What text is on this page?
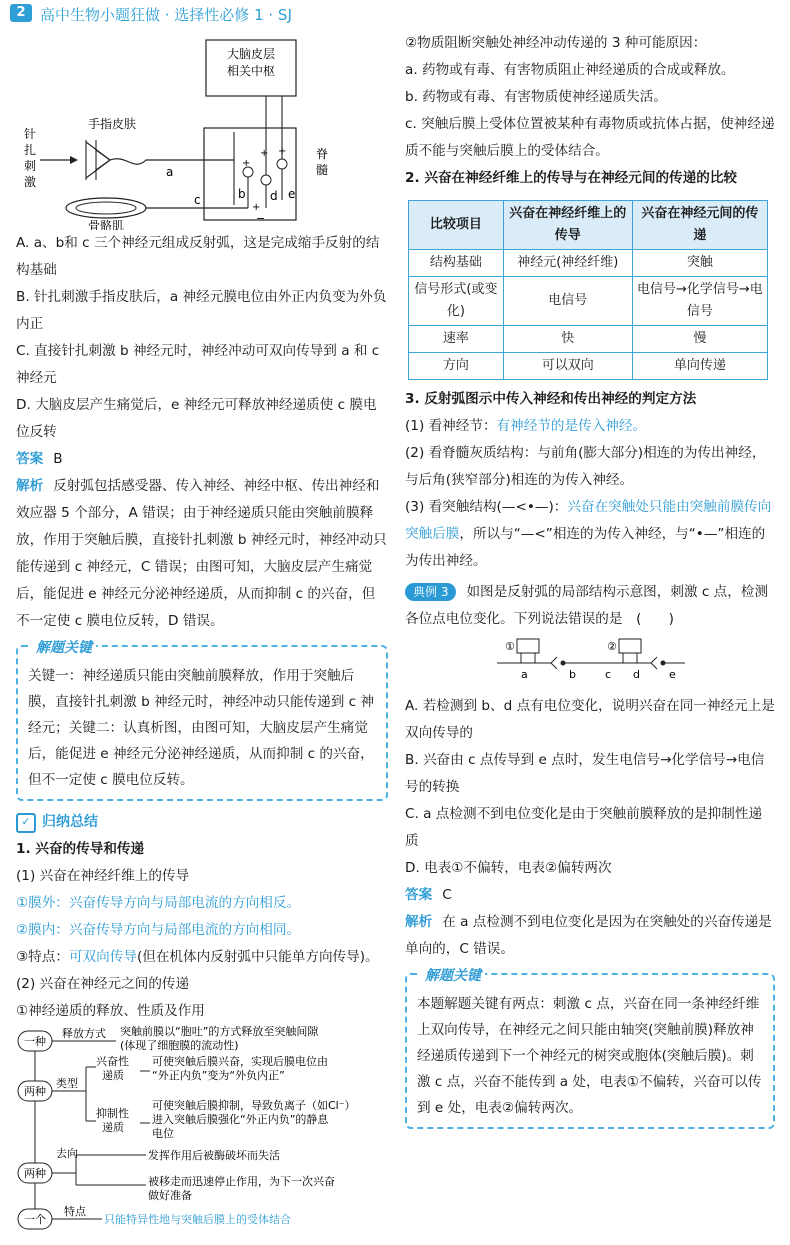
2 高中生物小题狂做 · 选择性必修 1 · SJ
大脑皮层
相关中枢
脊
髓
手指皮肤
针
扎
刺
激
a
b d e
+
+ +
+
−
骨骼肌
c

A. a、b和 c 三个神经元组成反射弧，这是完成缩手反射的结构基础

B. 针扎刺激手指皮肤后，a 神经元膜电位由外正内负变为外负内正

C. 直接针扎刺激 b 神经元时，神经冲动可双向传导到 a 和 c 神经元

D. 大脑皮层产生痛觉后，e 神经元可释放神经递质使 c 膜电位反转

答案 B

解析 反射弧包括感受器、传入神经、神经中枢、传出神经和效应器 5 个部分，A 错误；由于神经递质只能由突触前膜释放，作用于突触后膜，直接针扎刺激 b 神经元时，神经冲动只能传递到 c 神经元，C 错误；由图可知，大脑皮层产生痛觉后，能促进 e 神经元分泌神经递质，从而抑制 c 的兴奋，但不一定使 c 膜电位反转，D 错误。

解题关键
关键一：神经递质只能由突触前膜释放，作用于突触后膜，直接针扎刺激 b 神经元时，神经冲动只能传递到 c 神经元；关键二：认真析图，由图可知，大脑皮层产生痛觉后，能促进 e 神经元分泌神经递质，从而抑制 c 的兴奋，但不一定使 c 膜电位反转。
✓ 归纳总结

1. 兴奋的传导和传递

(1) 兴奋在神经纤维上的传导

①膜外：兴奋传导方向与局部电流的方向相反。

②膜内：兴奋传导方向与局部电流的方向相同。

③特点：可双向传导(但在机体内反射弧中只能单方向传导)。

(2) 兴奋在神经元之间的传递

①神经递质的释放、性质及作用

一种
释放方式 突触前膜以“胞吐”的方式释放至突触间隙
(体现了细胞膜的流动性)
两种
类型
兴奋性
递质
可使突触后膜兴奋，实现后膜电位由
“外正内负”变为“外负内正”
抑制性
递质
可使突触后膜抑制，导致负离子（如Cl⁻）
进入突触后膜强化“外正内负”的静息
电位
两种
去向	发挥作用后被酶破坏而失活
被移走而迅速停止作用，为下一次兴奋
做好准备
一个
特点
只能特异性地与突触后膜上的受体结合

②物质阻断突触处神经冲动传递的 3 种可能原因：

a. 药物或有毒、有害物质阻止神经递质的合成或释放。

b. 药物或有毒、有害物质使神经递质失活。

c. 突触后膜上受体位置被某种有毒物质或抗体占据，使神经递质不能与突触后膜上的受体结合。

2. 兴奋在神经纤维上的传导与在神经元间的传递的比较

比较项目	兴奋在神经纤维上的传导	兴奋在神经元间的传递
结构基础	神经元(神经纤维)	突触
信号形式(或变化)	电信号	电信号→化学信号→电信号
速率	快	慢
方向	可以双向	单向传递

3. 反射弧图示中传入神经和传出神经的判定方法

(1) 看神经节：有神经节的是传入神经。

(2) 看脊髓灰质结构：与前角(膨大部分)相连的为传出神经，与后角(狭窄部分)相连的为传入神经。

(3) 看突触结构(—<•—)：兴奋在突触处只能由突触前膜传向突触后膜，所以与“—<”相连的为传入神经，与“•—”相连的为传出神经。

典例 3 如图是反射弧的局部结构示意图，刺激 c 点，检测各位点电位变化。下列说法错误的是　(　　)

①	②
a	b	c d	e

A. 若检测到 b、d 点有电位变化，说明兴奋在同一神经元上是双向传导的

B. 兴奋由 c 点传导到 e 点时，发生电信号→化学信号→电信号的转换

C. a 点检测不到电位变化是由于突触前膜释放的是抑制性递质

D. 电表①不偏转，电表②偏转两次

答案 C

解析 在 a 点检测不到电位变化是因为在突触处的兴奋传递是单向的，C 错误。

解题关键
本题解题关键有两点：刺激 c 点，兴奋在同一条神经纤维上双向传导，在神经元之间只能由轴突(突触前膜)释放神经递质传递到下一个神经元的树突或胞体(突触后膜)。刺激 c 点，兴奋不能传到 a 处，电表①不偏转，兴奋可以传到 e 处，电表②偏转两次。
